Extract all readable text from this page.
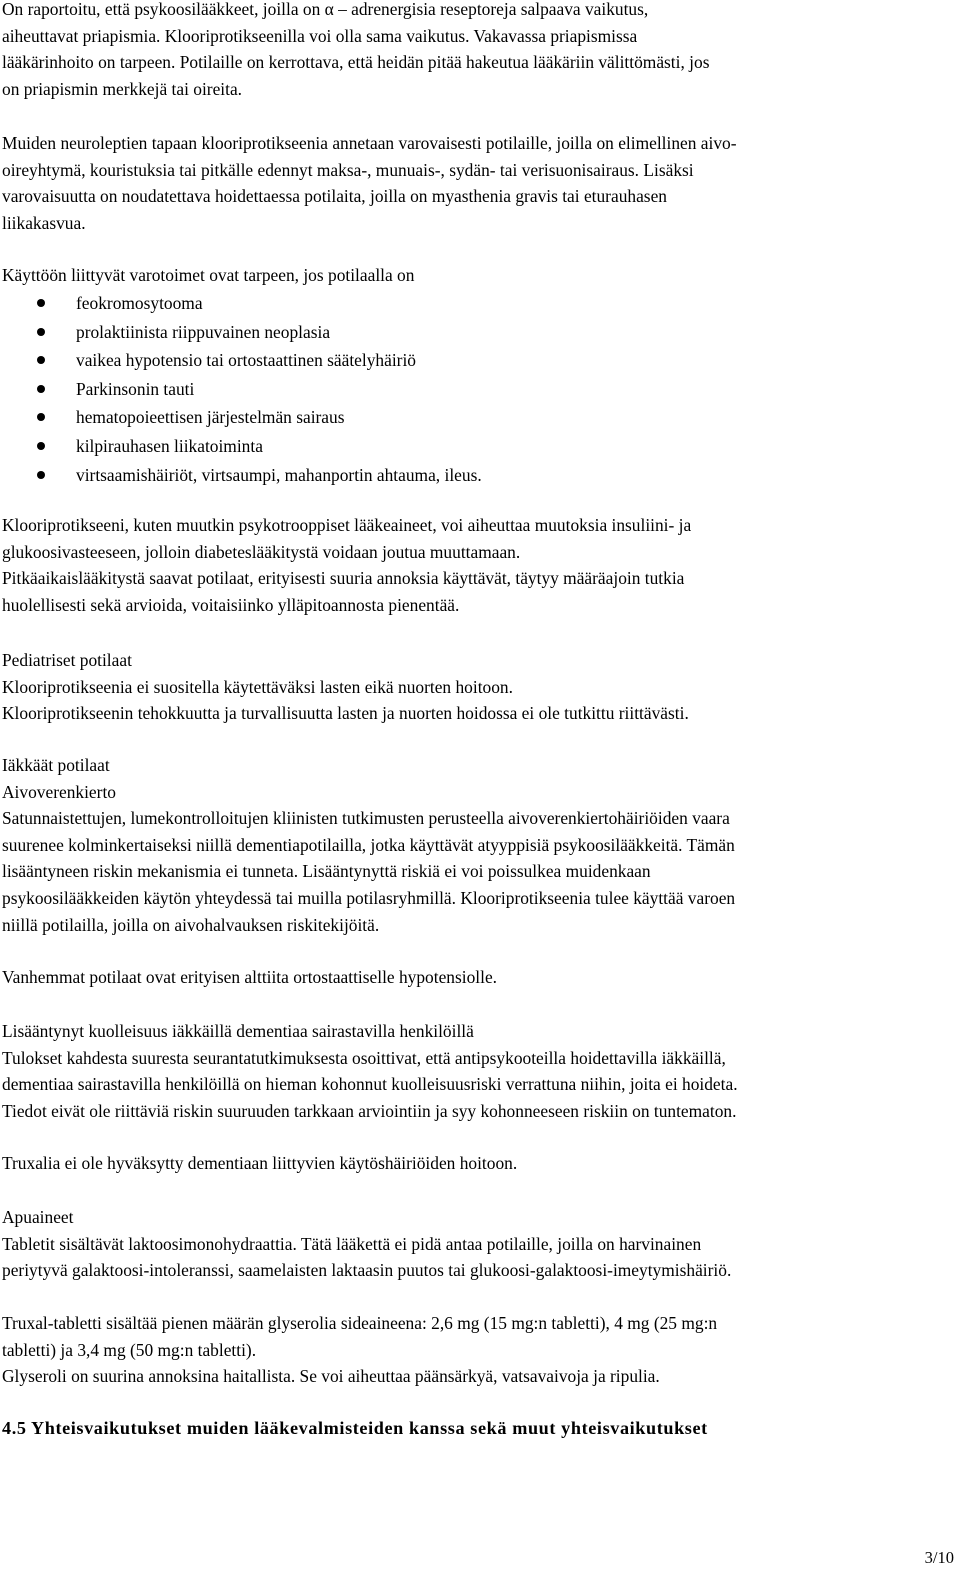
On raportoitu, että psykoosilääkkeet, joilla on α – adrenergisia reseptoreja salpaava vaikutus,
aiheuttavat priapismia. Klooriprotikseenilla voi olla sama vaikutus. Vakavassa priapismissa
lääkärinhoito on tarpeen. Potilaille on kerrottava, että heidän pitää hakeutua lääkäriin välittömästi, jos
on priapismin merkkejä tai oireita.
Muiden neuroleptien tapaan klooriprotikseenia annetaan varovaisesti potilaille, joilla on elimellinen aivo-
oireyhtymä, kouristuksia tai pitkälle edennyt maksa-, munuais-, sydän- tai verisuonisairaus. Lisäksi
varovaisuutta on noudatettava hoidettaessa potilaita, joilla on myasthenia gravis tai eturauhasen
liikakasvua.
Käyttöön liittyvät varotoimet ovat tarpeen, jos potilaalla on
feokromosytooma
prolaktiinista riippuvainen neoplasia
vaikea hypotensio tai ortostaattinen säätelyhäiriö
Parkinsonin tauti
hematopoieettisen järjestelmän sairaus
kilpirauhasen liikatoiminta
virtsaamishäiriöt, virtsaumpi, mahanportin ahtauma, ileus.
Klooriprotikseeni, kuten muutkin psykotrooppiset lääkeaineet, voi aiheuttaa muutoksia insuliini- ja
glukoosivasteeseen, jolloin diabeteslääkitystä voidaan joutua muuttamaan.
Pitkäaikaislääkitystä saavat potilaat, erityisesti suuria annoksia käyttävät, täytyy määräajoin tutkia
huolellisesti sekä arvioida, voitaisiinko ylläpitoannosta pienentää.
Pediatriset potilaat
Klooriprotikseenia ei suositella käytettäväksi lasten eikä nuorten hoitoon.
Klooriprotikseenin tehokkuutta ja turvallisuutta lasten ja nuorten hoidossa ei ole tutkittu riittävästi.
Iäkkäät potilaat
Aivoverenkierto
Satunnaistettujen, lumekontrolloitujen kliinisten tutkimusten perusteella aivoverenkiertohäiriöiden vaara
suurenee kolminkertaiseksi niillä dementiapotilailla, jotka käyttävät atyyppisiä psykoosilääkkeitä. Tämän
lisääntyneen riskin mekanismia ei tunneta. Lisääntynyttä riskiä ei voi poissulkea muidenkaan
psykoosilääkkeiden käytön yhteydessä tai muilla potilasryhmillä. Klooriprotikseenia tulee käyttää varoen
niillä potilailla, joilla on aivohalvauksen riskitekijöitä.
Vanhemmat potilaat ovat erityisen alttiita ortostaattiselle hypotensiolle.
Lisääntynyt kuolleisuus iäkkäillä dementiaa sairastavilla henkilöillä
Tulokset kahdesta suuresta seurantatutkimuksesta osoittivat, että antipsykooteilla hoidettavilla iäkkäillä,
dementiaa sairastavilla henkilöillä on hieman kohonnut kuolleisuusriski verrattuna niihin, joita ei hoideta.
Tiedot eivät ole riittäviä riskin suuruuden tarkkaan arviointiin ja syy kohonneeseen riskiin on tuntematon.
Truxalia ei ole hyväksytty dementiaan liittyvien käytöshäiriöiden hoitoon.
Apuaineet
Tabletit sisältävät laktoosimonohydraattia. Tätä lääkettä ei pidä antaa potilaille, joilla on harvinainen
periytyvä galaktoosi-intoleranssi, saamelaisten laktaasin puutos tai glukoosi-galaktoosi-imeytymishäiriö.
Truxal-tabletti sisältää pienen määrän glyserolia sideaineena: 2,6 mg (15 mg:n tabletti), 4 mg (25 mg:n
tabletti) ja 3,4 mg (50 mg:n tabletti).
Glyseroli on suurina annoksina haitallista. Se voi aiheuttaa päänsärkyä, vatsavaivoja ja ripulia.
4.5 Yhteisvaikutukset muiden lääkevalmisteiden kanssa sekä muut yhteisvaikutukset
3/10
